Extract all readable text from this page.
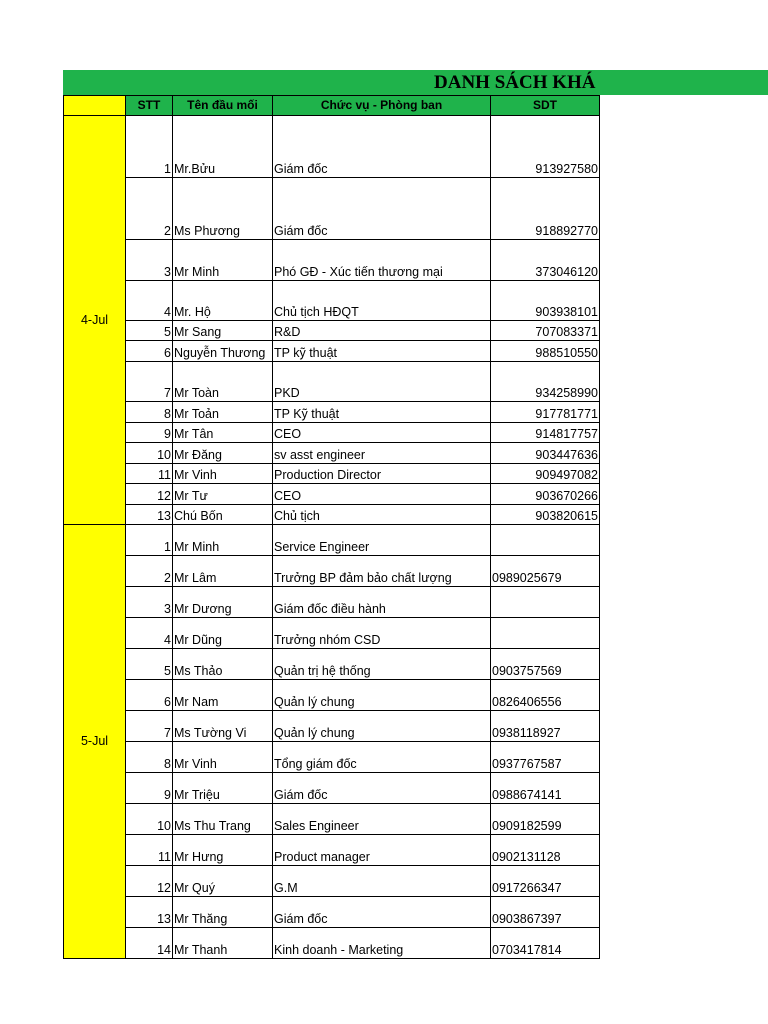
DANH SÁCH KHÁ
	STT	Tên đầu mối	Chức vụ - Phòng ban	SDT
4-Jul	1	Mr.Bửu	Giám đốc	913927580
	2	Ms Phương	Giám đốc	918892770
	3	Mr Minh	Phó GĐ - Xúc tiến thương mại	373046120
	4	Mr. Hộ	Chủ tịch HĐQT	903938101
	5	Mr Sang	R&D	707083371
	6	Nguyễn Thương	TP kỹ thuật	988510550
	7	Mr Toàn	PKD	934258990
	8	Mr Toản	TP Kỹ thuật	917781771
	9	Mr Tân	CEO	914817757
	10	Mr Đăng	sv asst engineer	903447636
	11	Mr Vinh	Production Director	909497082
	12	Mr Tư	CEO	903670266
	13	Chú Bốn	Chủ tịch	903820615
5-Jul	1	Mr Minh	Service Engineer	
	2	Mr Lâm	Trưởng BP đảm bảo chất lượng	0989025679
	3	Mr Dương	Giám đốc điều hành	
	4	Mr Dũng	Trưởng nhóm CSD	
	5	Ms Thảo	Quản trị hệ thống	0903757569
	6	Mr Nam	Quản lý chung	0826406556
	7	Ms Tường Vi	Quản lý chung	0938118927
	8	Mr Vinh	Tổng giám đốc	0937767587
	9	Mr Triệu	Giám đốc	0988674141
	10	Ms Thu Trang	Sales Engineer	0909182599
	11	Mr Hưng	Product manager	0902131128
	12	Mr Quý	G.M	0917266347
	13	Mr Thăng	Giám đốc	0903867397
	14	Mr Thanh	Kinh doanh - Marketing	0703417814
